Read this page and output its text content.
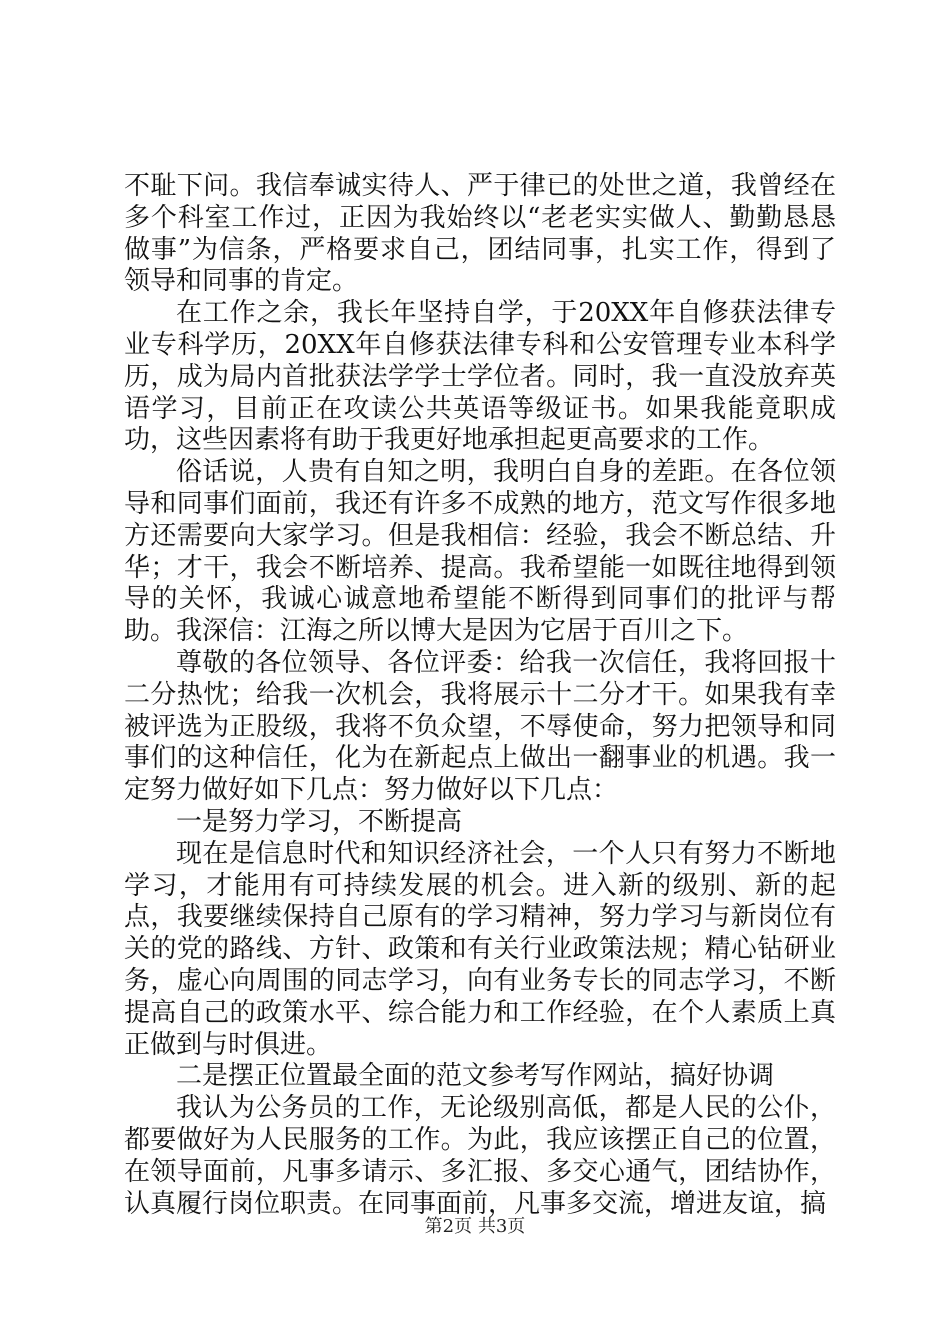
不耻下问。我信奉诚实待人、严于律已的处世之道，我曾经在多个科室工作过，正因为我始终以“老老实实做人、勤勤恳恳做事”为信条，严格要求自己，团结同事，扎实工作，得到了领导和同事的肯定。

在工作之余，我长年坚持自学，于20XX年自修获法律专业专科学历，20XX年自修获法律专科和公安管理专业本科学历，成为局内首批获法学学士学位者。同时，我一直没放弃英语学习，目前正在攻读公共英语等级证书。如果我能竟职成功，这些因素将有助于我更好地承担起更高要求的工作。

俗话说，人贵有自知之明，我明白自身的差距。在各位领导和同事们面前，我还有许多不成熟的地方，范文写作很多地方还需要向大家学习。但是我相信：经验，我会不断总结、升华；才干，我会不断培养、提高。我希望能一如既往地得到领导的关怀，我诚心诚意地希望能不断得到同事们的批评与帮助。我深信：江海之所以博大是因为它居于百川之下。

尊敬的各位领导、各位评委：给我一次信任，我将回报十二分热忱；给我一次机会，我将展示十二分才干。如果我有幸被评选为正股级，我将不负众望，不辱使命，努力把领导和同事们的这种信任，化为在新起点上做出一翻事业的机遇。我一定努力做好如下几点：努力做好以下几点：

一是努力学习，不断提高

现在是信息时代和知识经济社会，一个人只有努力不断地学习，才能用有可持续发展的机会。进入新的级别、新的起点，我要继续保持自己原有的学习精神，努力学习与新岗位有关的党的路线、方针、政策和有关行业政策法规；精心钻研业务，虚心向周围的同志学习，向有业务专长的同志学习，不断提高自己的政策水平、综合能力和工作经验，在个人素质上真正做到与时俱进。

二是摆正位置最全面的范文参考写作网站，搞好协调

我认为公务员的工作，无论级别高低，都是人民的公仆，都要做好为人民服务的工作。为此，我应该摆正自己的位置，在领导面前，凡事多请示、多汇报、多交心通气，团结协作，认真履行岗位职责。在同事面前，凡事多交流，增进友谊，搞

第2页 共3页
